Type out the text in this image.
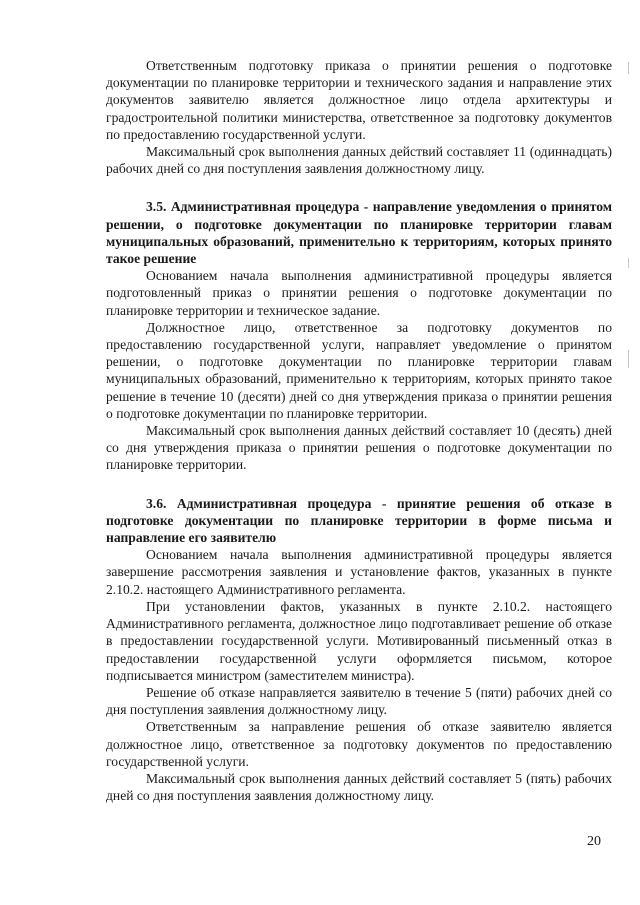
Ответственным подготовку приказа о принятии решения о подготовке документации по планировке территории и технического задания и направление этих документов заявителю является должностное лицо отдела архитектуры и градостроительной политики министерства, ответственное за подготовку документов по предоставлению государственной услуги.

Максимальный срок выполнения данных действий составляет 11 (одиннадцать) рабочих дней со дня поступления заявления должностному лицу.

3.5. Административная процедура - направление уведомления о принятом решении, о подготовке документации по планировке территории главам муниципальных образований, применительно к территориям, которых принято такое решение

Основанием начала выполнения административной процедуры является подготовленный приказ о принятии решения о подготовке документации по планировке территории и техническое задание.

Должностное лицо, ответственное за подготовку документов по предоставлению государственной услуги, направляет уведомление о принятом решении, о подготовке документации по планировке территории главам муниципальных образований, применительно к территориям, которых принято такое решение в течение 10 (десяти) дней со дня утверждения приказа о принятии решения о подготовке документации по планировке территории.

Максимальный срок выполнения данных действий составляет 10 (десять) дней со дня утверждения приказа о принятии решения о подготовке документации по планировке территории.

3.6. Административная процедура - принятие решения об отказе в подготовке документации по планировке территории в форме письма и направление его заявителю

Основанием начала выполнения административной процедуры является завершение рассмотрения заявления и установление фактов, указанных в пункте 2.10.2. настоящего Административного регламента.

При установлении фактов, указанных в пункте 2.10.2. настоящего Административного регламента, должностное лицо подготавливает решение об отказе в предоставлении государственной услуги. Мотивированный письменный отказ в предоставлении государственной услуги оформляется письмом, которое подписывается министром (заместителем министра).

Решение об отказе направляется заявителю в течение 5 (пяти) рабочих дней со дня поступления заявления должностному лицу.

Ответственным за направление решения об отказе заявителю является должностное лицо, ответственное за подготовку документов по предоставлению государственной услуги.

Максимальный срок выполнения данных действий составляет 5 (пять) рабочих дней со дня поступления заявления должностному лицу.

20
